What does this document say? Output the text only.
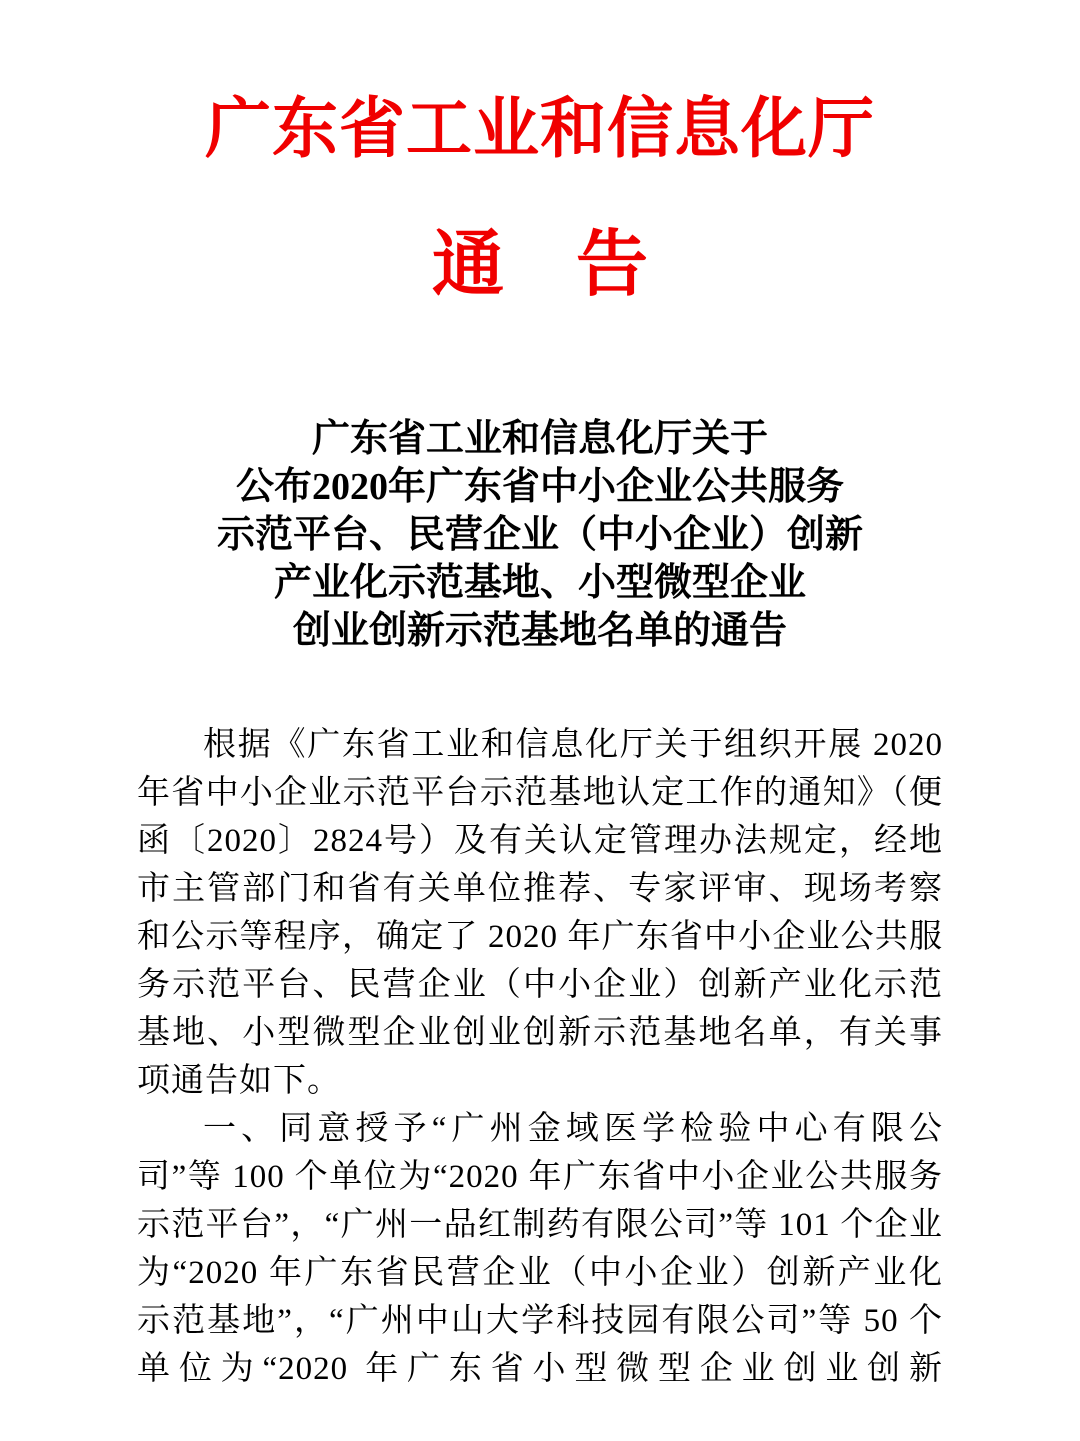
广东省工业和信息化厅
通　告
广东省工业和信息化厅关于
公布2020年广东省中小企业公共服务
示范平台、民营企业（中小企业）创新
产业化示范基地、小型微型企业
创业创新示范基地名单的通告

根据《广东省工业和信息化厅关于组织开展 2020 年省中小企业示范平台示范基地认定工作的通知》（便函〔2020〕2824号）及有关认定管理办法规定，经地市主管部门和省有关单位推荐、专家评审、现场考察和公示等程序，确定了 2020 年广东省中小企业公共服务示范平台、民营企业（中小企业）创新产业化示范基地、小型微型企业创业创新示范基地名单，有关事项通告如下。

一、同意授予“广州金域医学检验中心有限公司”等 100 个单位为“2020 年广东省中小企业公共服务示范平台”，“广州一品红制药有限公司”等 101 个企业为“2020 年广东省民营企业（中小企业）创新产业化示范基地”，“广州中山大学科技园有限公司”等 50 个单位为“2020 年广东省小型微型企业创业创新
